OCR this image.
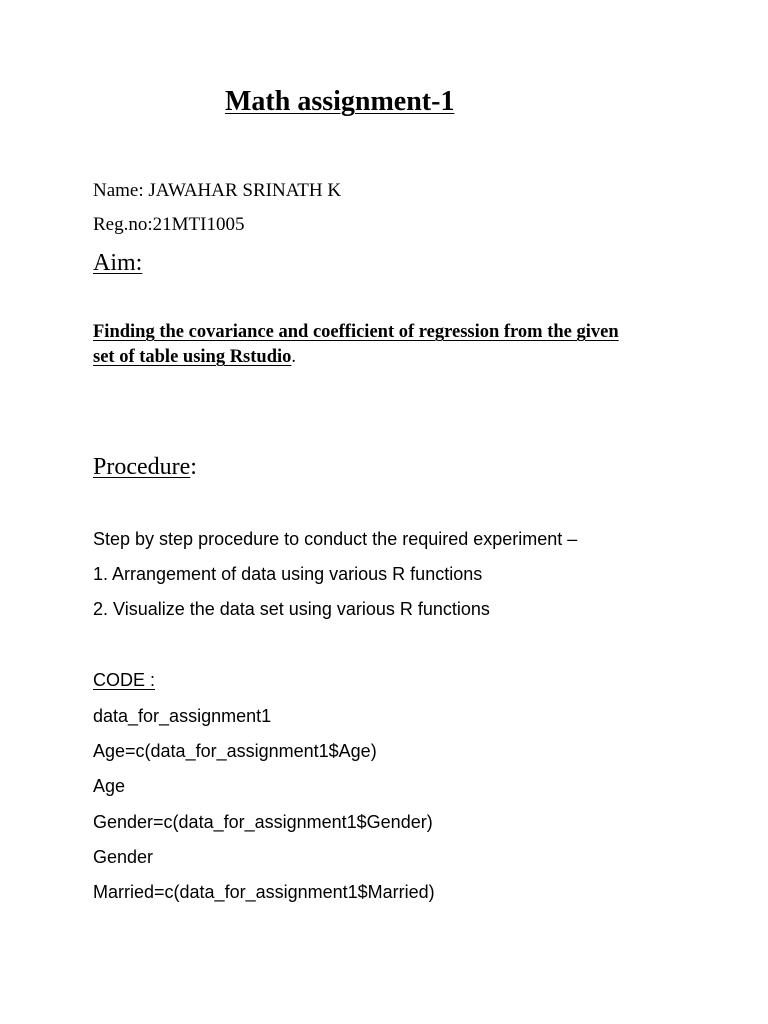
Math assignment-1
Name: JAWAHAR SRINATH K
Reg.no:21MTI1005
Aim:
Finding the covariance and coefficient of regression from the given
set of table using Rstudio.
Procedure:
Step by step procedure to conduct the required experiment –
1. Arrangement of data using various R functions
2. Visualize the data set using various R functions
CODE :
data_for_assignment1
Age=c(data_for_assignment1$Age)
Age
Gender=c(data_for_assignment1$Gender)
Gender
Married=c(data_for_assignment1$Married)
